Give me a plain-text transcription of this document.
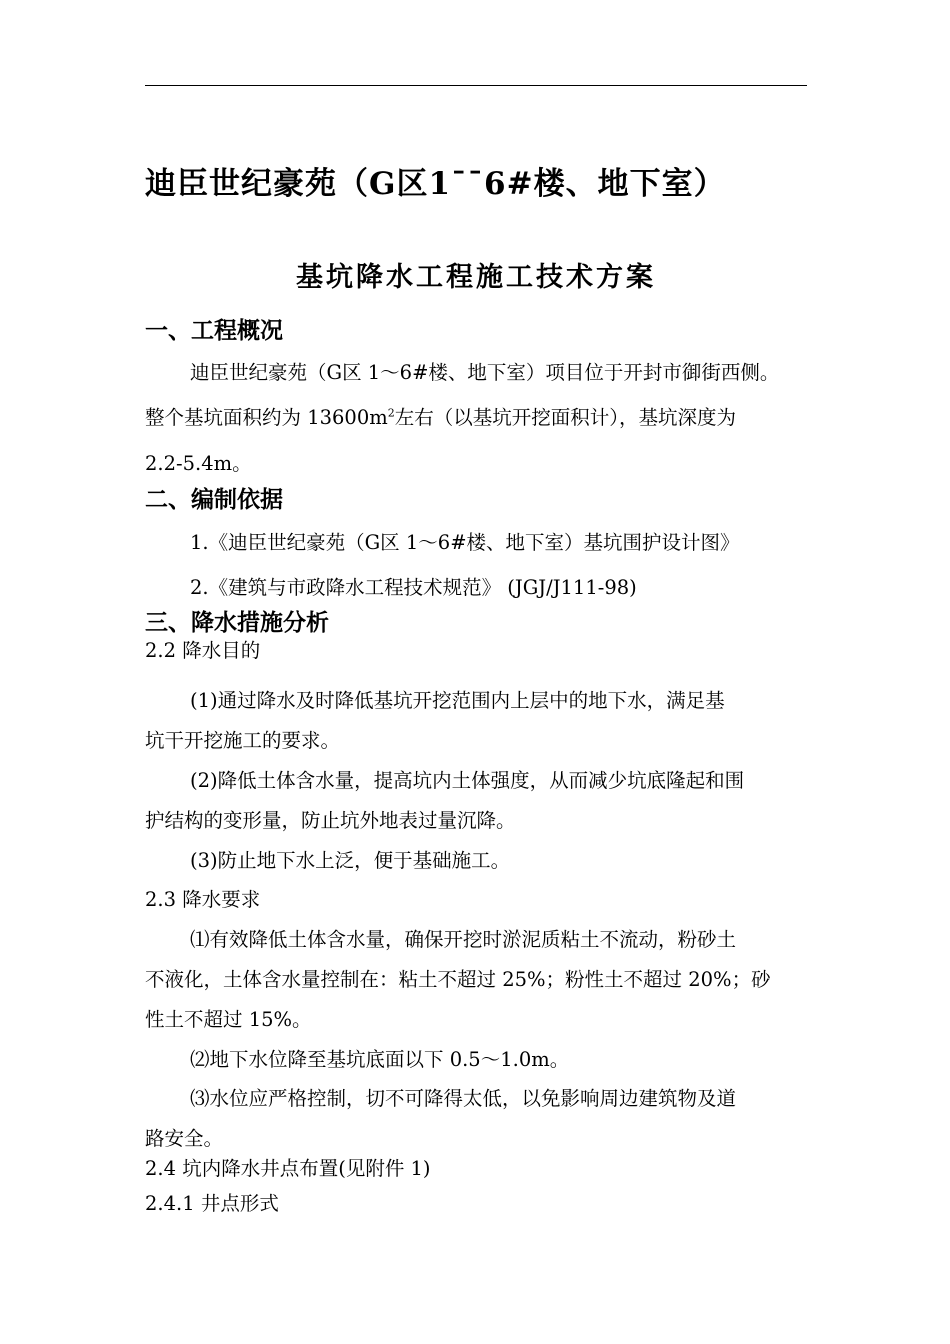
迪臣世纪豪苑（G区1¯¯6#楼、地下室）
基坑降水工程施工技术方案
一、工程概况
迪臣世纪豪苑（G区 1～6#楼、地下室）项目位于开封市御街西侧。
整个基坑面积约为 $13600m^2$左右（以基坑开挖面积计），基坑深度为
2.2-5.4m。
二、编制依据
1.《迪臣世纪豪苑（G区 1～6#楼、地下室）基坑围护设计图》
2.《建筑与市政降水工程技术规范》 (JGJ/J111-98)
三、降水措施分析
2.2 降水目的
(1)通过降水及时降低基坑开挖范围内上层中的地下水，满足基
坑干开挖施工的要求。
(2)降低土体含水量，提高坑内土体强度，从而减少坑底隆起和围
护结构的变形量，防止坑外地表过量沉降。
(3)防止地下水上泛，便于基础施工。
2.3 降水要求
⑴有效降低土体含水量，确保开挖时淤泥质粘土不流动，粉砂土
不液化，土体含水量控制在：粘土不超过 25%；粉性土不超过 20%；砂
性土不超过 15%。
⑵地下水位降至基坑底面以下 0.5～1.0m。
⑶水位应严格控制，切不可降得太低，以免影响周边建筑物及道
路安全。
2.4 坑内降水井点布置(见附件 1)
2.4.1 井点形式
